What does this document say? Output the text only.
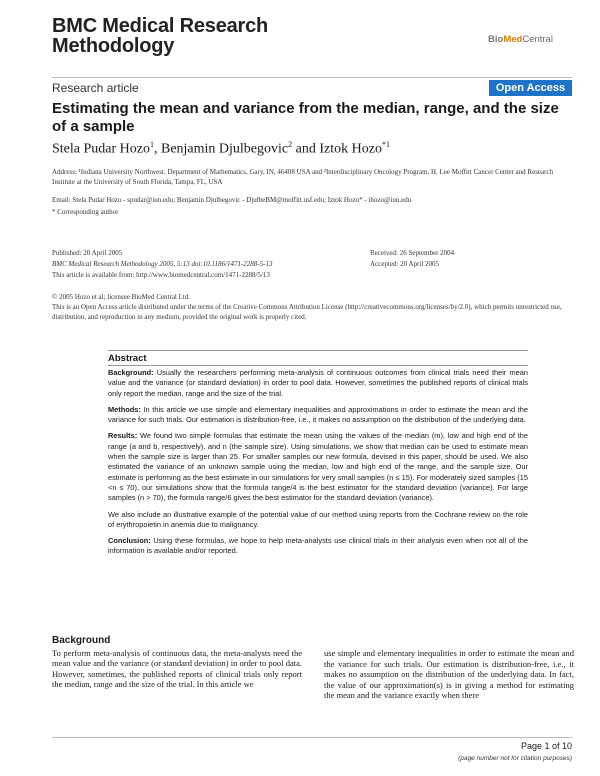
BMC Medical Research
Methodology	BioMedCentral
Research article	Open Access
Estimating the mean and variance from the median, range, and the size of a sample
Stela Pudar Hozo$^1$, Benjamin Djulbegovic$^2$ and Iztok Hozo$^{*1}$
Address: ¹Indiana University Northwest, Department of Mathematics, Gary, IN, 46408 USA and ²Interdisciplinary Oncology Program, H. Lee Moffitt Cancer Center and Research Institute at the University of South Florida, Tampa, FL, USA
Email: Stela Pudar Hozo - spudar@iun.edu; Benjamin Djulbegovic - DjulbeBM@moffitt.usf.edu; Iztok Hozo* - ihozo@iun.edu
* Corresponding author
Published: 20 April 2005
BMC Medical Research Methodology 2005, 5:13 doi:10.1186/1471-2288-5-13
This article is available from: http://www.biomedcentral.com/1471-2288/5/13
Received: 26 September 2004
Accepted: 20 April 2005
© 2005 Hozo et al; licensee BioMed Central Ltd.
This is an Open Access article distributed under the terms of the Creative Commons Attribution License (http://creativecommons.org/licenses/by/2.0), which permits unrestricted use, distribution, and reproduction in any medium, provided the original work is properly cited.
Abstract

Background: Usually the researchers performing meta-analysis of continuous outcomes from clinical trials need their mean value and the variance (or standard deviation) in order to pool data. However, sometimes the published reports of clinical trials only report the median, range and the size of the trial.

Methods: In this article we use simple and elementary inequalities and approximations in order to estimate the mean and the variance for such trials. Our estimation is distribution-free, i.e., it makes no assumption on the distribution of the underlying data.

Results: We found two simple formulas that estimate the mean using the values of the median (m), low and high end of the range (a and b, respectively), and n (the sample size). Using simulations, we show that median can be used to estimate mean when the sample size is larger than 25. For smaller samples our new formula, devised in this paper, should be used. We also estimated the variance of an unknown sample using the median, low and high end of the range, and the sample size. Our estimate is performing as the best estimate in our simulations for very small samples (n ≤ 15). For moderately sized samples (15 <n ≤ 70), our simulations show that the formula range/4 is the best estimator for the standard deviation (variance). For large samples (n > 70), the formula range/6 gives the best estimator for the standard deviation (variance).

We also include an illustrative example of the potential value of our method using reports from the Cochrane review on the role of erythropoietin in anemia due to malignancy.

Conclusion: Using these formulas, we hope to help meta-analysts use clinical trials in their analysis even when not all of the information is available and/or reported.

Background
To perform meta-analysis of continuous data, the meta-analysts need the mean value and the variance (or standard deviation) in order to pool data. However, sometimes, the published reports of clinical trials only report the median, range and the size of the trial. In this article we
use simple and elementary inequalities in order to estimate the mean and the variance for such trials. Our estimation is distribution-free, i.e., it makes no assumption on the distribution of the underlying data. In fact, the value of our approximation(s) is in giving a method for estimating the mean and the variance exactly when there
Page 1 of 10
(page number not for citation purposes)
